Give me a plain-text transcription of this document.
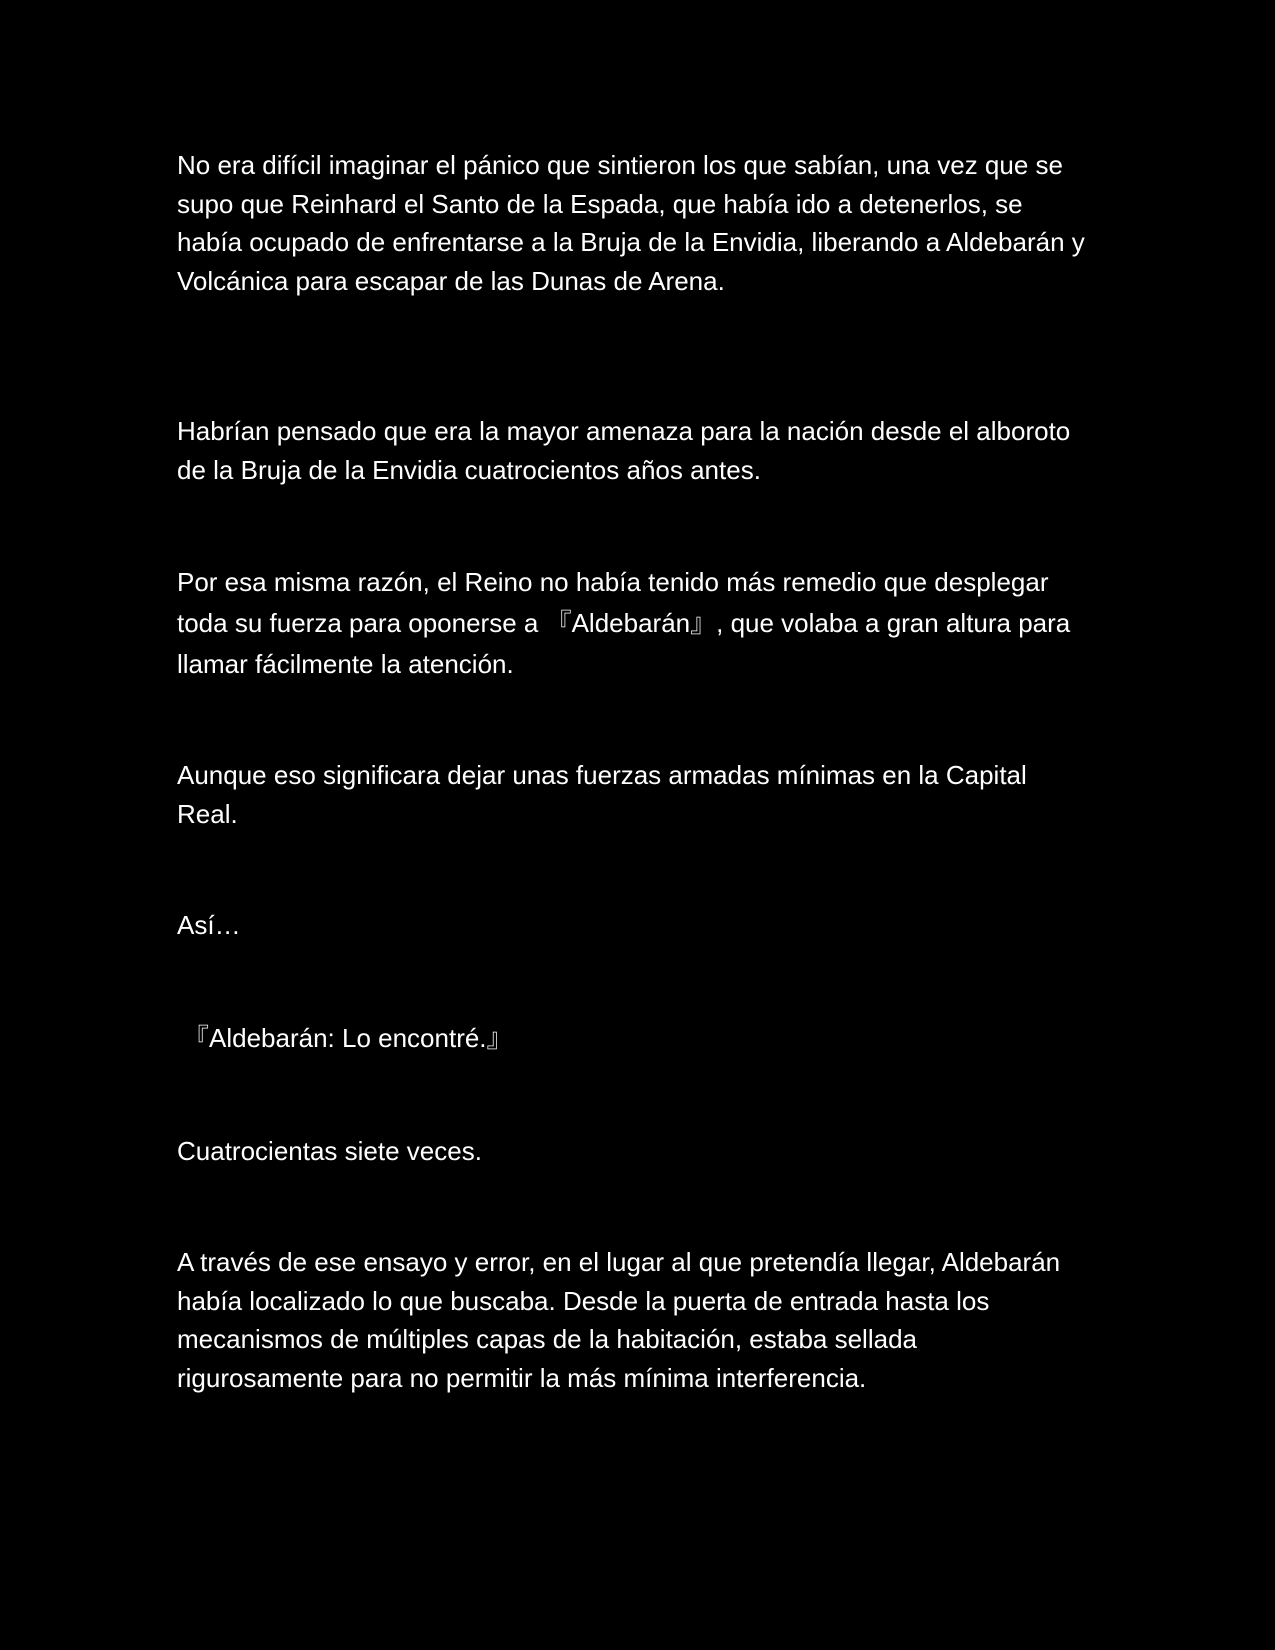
No era difícil imaginar el pánico que sintieron los que sabían, una vez que se supo que Reinhard el Santo de la Espada, que había ido a detenerlos, se había ocupado de enfrentarse a la Bruja de la Envidia, liberando a Aldebarán y Volcánica para escapar de las Dunas de Arena.

Habrían pensado que era la mayor amenaza para la nación desde el alboroto de la Bruja de la Envidia cuatrocientos años antes.

Por esa misma razón, el Reino no había tenido más remedio que desplegar toda su fuerza para oponerse a 『Aldebarán』, que volaba a gran altura para llamar fácilmente la atención.

Aunque eso significara dejar unas fuerzas armadas mínimas en la Capital Real.

Así…

『Aldebarán: Lo encontré.』

Cuatrocientas siete veces.

A través de ese ensayo y error, en el lugar al que pretendía llegar, Aldebarán había localizado lo que buscaba. Desde la puerta de entrada hasta los mecanismos de múltiples capas de la habitación, estaba sellada rigurosamente para no permitir la más mínima interferencia.
